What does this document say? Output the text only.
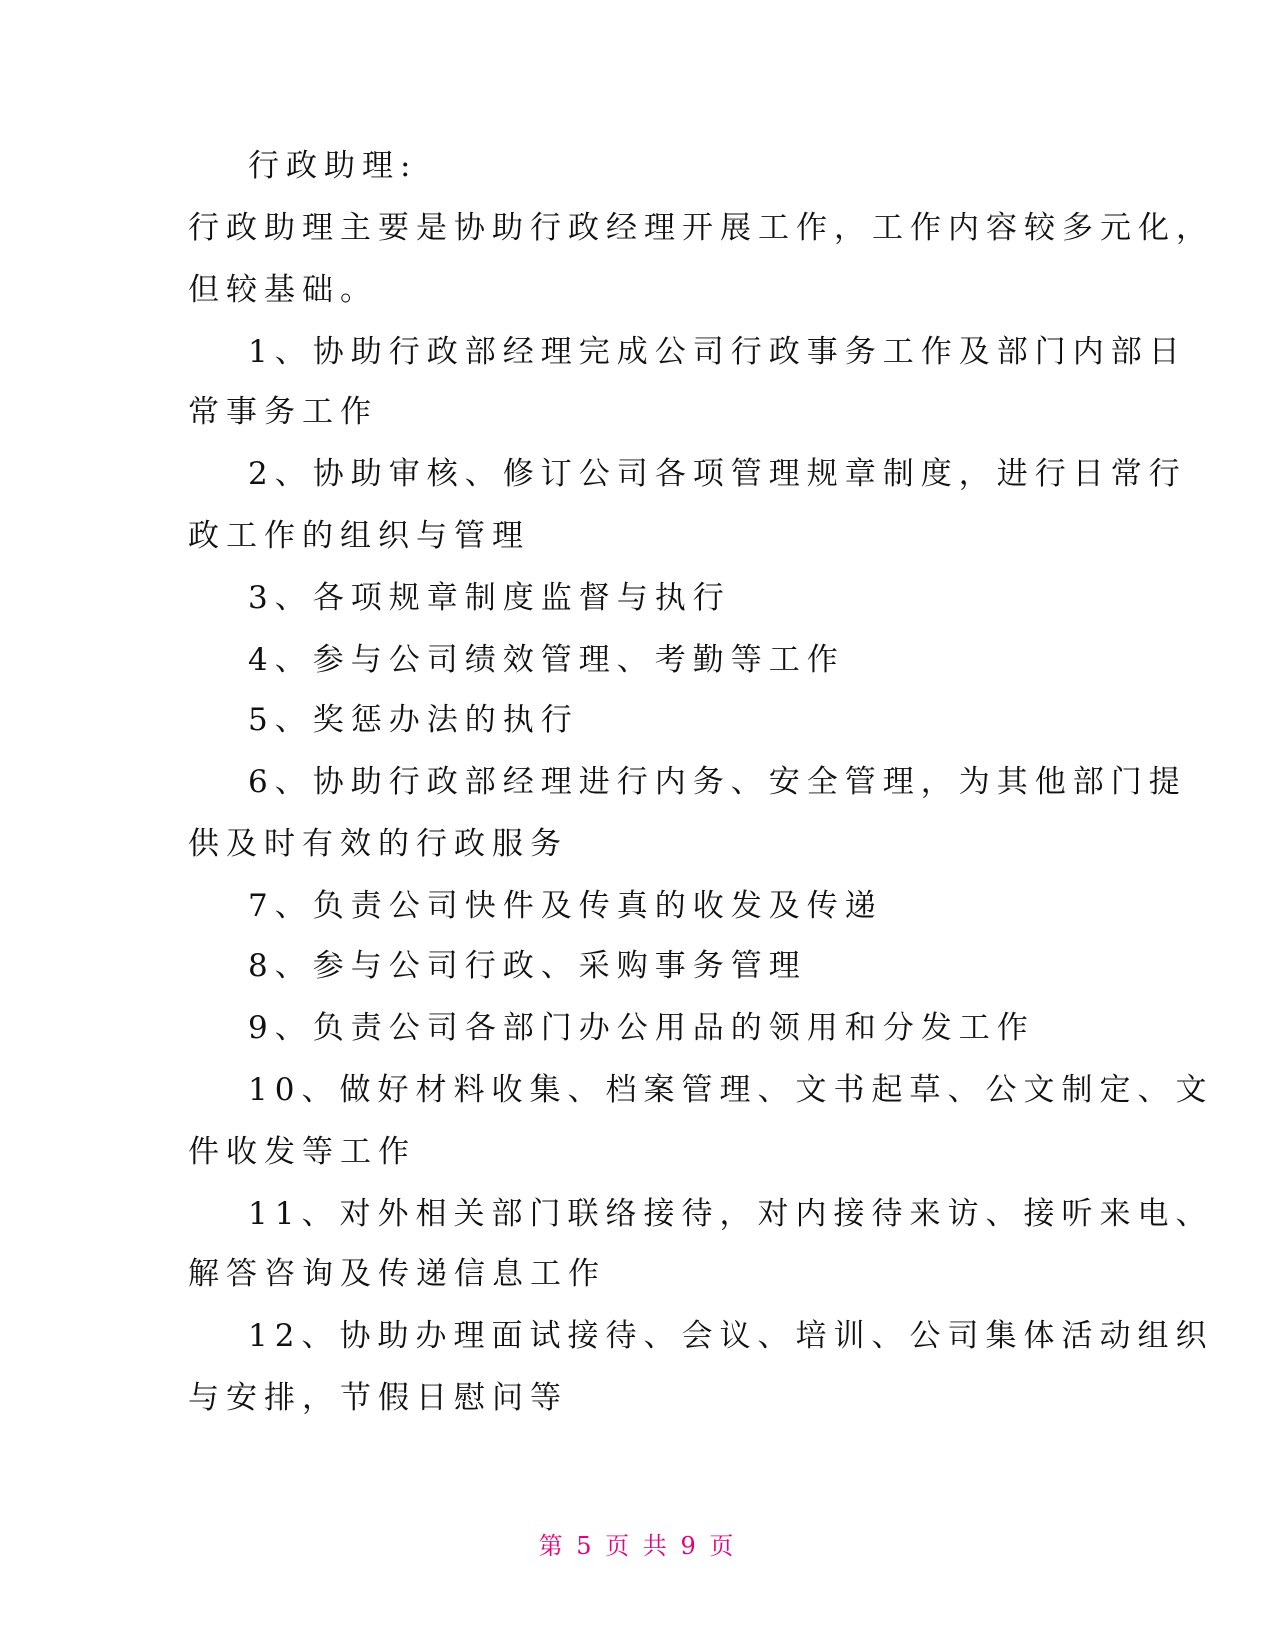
行政助理:
行政助理主要是协助行政经理开展工作，工作内容较多元化，
但较基础。
1、协助行政部经理完成公司行政事务工作及部门内部日
常事务工作
2、协助审核、修订公司各项管理规章制度，进行日常行
政工作的组织与管理
3、各项规章制度监督与执行
4、参与公司绩效管理、考勤等工作
5、奖惩办法的执行
6、协助行政部经理进行内务、安全管理，为其他部门提
供及时有效的行政服务
7、负责公司快件及传真的收发及传递
8、参与公司行政、采购事务管理
9、负责公司各部门办公用品的领用和分发工作
10、做好材料收集、档案管理、文书起草、公文制定、文
件收发等工作
11、对外相关部门联络接待，对内接待来访、接听来电、
解答咨询及传递信息工作
12、协助办理面试接待、会议、培训、公司集体活动组织
与安排，节假日慰问等
第 5 页 共 9 页
